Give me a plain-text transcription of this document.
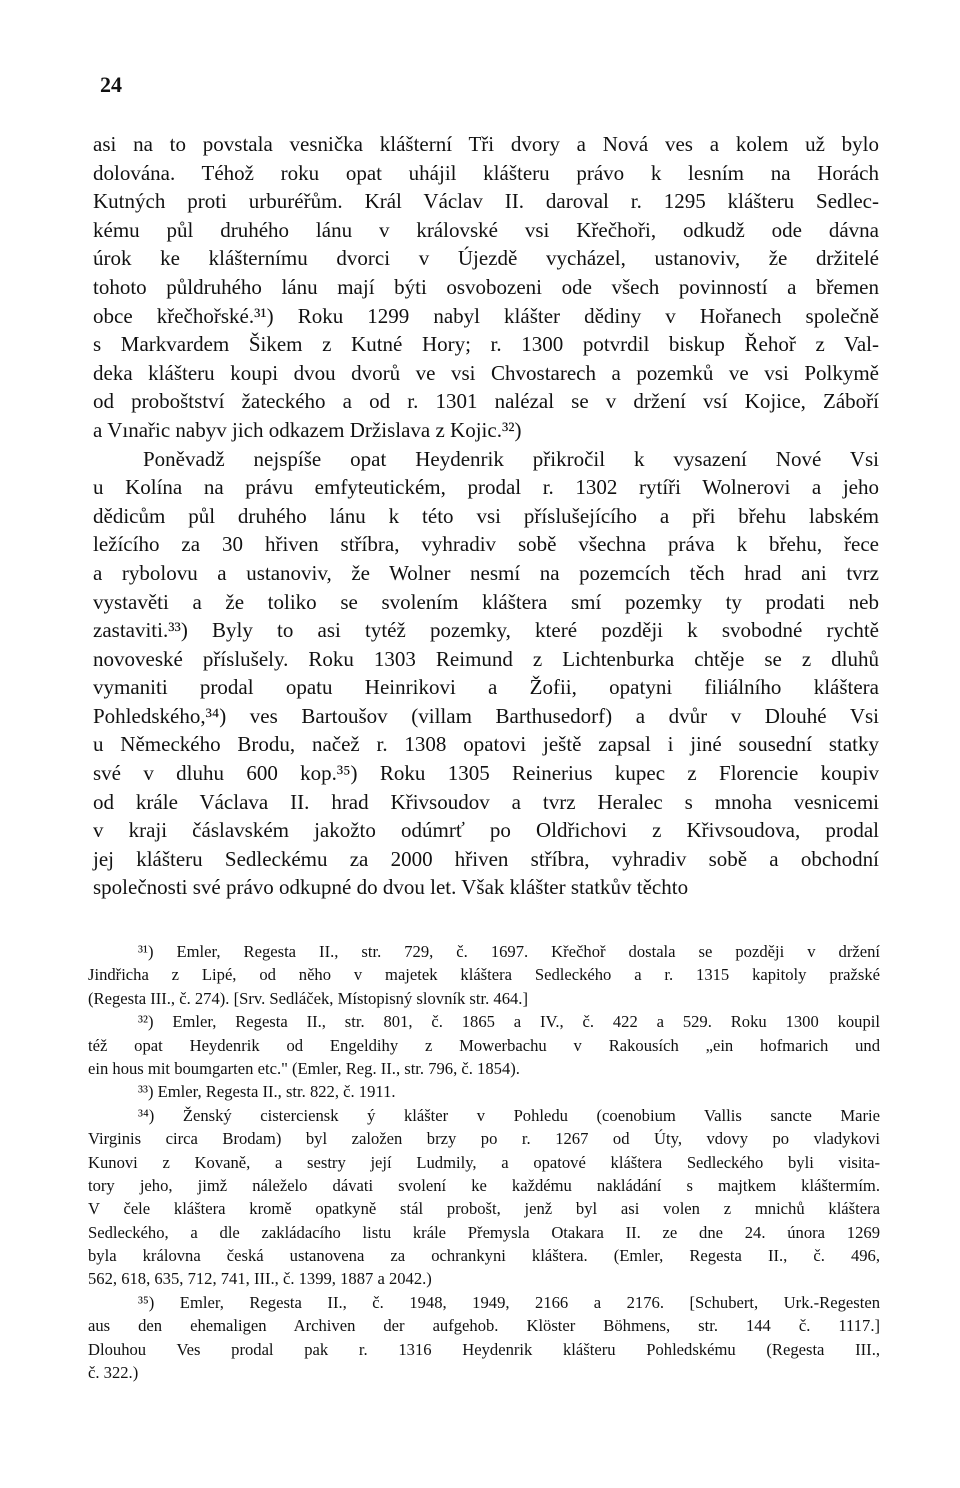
24
asi na to povstala vesnička klášterní Tři dvory a Nová ves a kolem už bylo
dolována. Téhož roku opat uhájil klášteru právo k lesním na Horách
Kutných proti urburéřům. Král Václav II. daroval r. 1295 klášteru Sedlec-
kému půl druhého lánu v královské vsi Křečhoři, odkudž ode dávna
úrok ke klášternímu dvorci v Újezdě vycházel, ustanoviv, že držitelé
tohoto půldruhého lánu mají býti osvobozeni ode všech povinností a břemen
obce křečhořské.³¹) Roku 1299 nabyl klášter dědiny v Hořanech společně
s Markvardem Šikem z Kutné Hory; r. 1300 potvrdil biskup Řehoř z Val-
deka klášteru koupi dvou dvorů ve vsi Chvostarech a pozemků ve vsi Polkymě
od proboštství žateckého a od r. 1301 nalézal se v držení vsí Kojice, Záboří
a Vınařic nabyv jich odkazem Držislava z Kojic.³²)
Poněvadž nejspíše opat Heydenrik přikročil k vysazení Nové Vsi
u Kolína na právu emfyteutickém, prodal r. 1302 rytíři Wolnerovi a jeho
dědicům půl druhého lánu k této vsi příslušejícího a při břehu labském
ležícího za 30 hřiven stříbra, vyhradiv sobě všechna práva k břehu, řece
a rybolovu a ustanoviv, že Wolner nesmí na pozemcích těch hrad ani tvrz
vystavěti a že toliko se svolením kláštera smí pozemky ty prodati neb
zastaviti.³³) Byly to asi tytéž pozemky, které později k svobodné rychtě
novoveské příslušely. Roku 1303 Reimund z Lichtenburka chtěje se z dluhů
vymaniti prodal opatu Heinrikovi a Žofii, opatyni filiálního kláštera
Pohledského,³⁴) ves Bartoušov (villam Barthusedorf) a dvůr v Dlouhé Vsi
u Německého Brodu, načež r. 1308 opatovi ještě zapsal i jiné sousední statky
své v dluhu 600 kop.³⁵) Roku 1305 Reinerius kupec z Florencie koupiv
od krále Václava II. hrad Křivsoudov a tvrz Heralec s mnoha vesnicemi
v kraji čáslavském jakožto odúmrť po Oldřichovi z Křivsoudova, prodal
jej klášteru Sedleckému za 2000 hřiven stříbra, vyhradiv sobě a obchodní
společnosti své právo odkupné do dvou let. Však klášter statkův těchto
³¹) Emler, Regesta II., str. 729, č. 1697. Křečhoř dostala se později v držení
Jindřicha z Lipé, od něho v majetek kláštera Sedleckého a r. 1315 kapitoly pražské
(Regesta III., č. 274). [Srv. Sedláček, Místopisný slovník str. 464.]
³²) Emler, Regesta II., str. 801, č. 1865 a IV., č. 422 a 529. Roku 1300 koupil
též opat Heydenrik od Engeldihy z Mowerbachu v Rakousích „ein hofmarich und
ein hous mit boumgarten etc." (Emler, Reg. II., str. 796, č. 1854).
³³) Emler, Regesta II., str. 822, č. 1911.
³⁴) Ženský cisterciensk ý klášter v Pohledu (coenobium Vallis sancte Marie
Virginis circa Brodam) byl založen brzy po r. 1267 od Úty, vdovy po vladykovi
Kunovi z Kovaně, a sestry její Ludmily, a opatové kláštera Sedleckého byli visita-
tory jeho, jimž náleželo dávati svolení ke každému nakládání s majtkem kláštermím.
V čele kláštera kromě opatkyně stál probošt, jenž byl asi volen z mnichů kláštera
Sedleckého, a dle zakládacího listu krále Přemysla Otakara II. ze dne 24. února 1269
byla královna česká ustanovena za ochrankyni kláštera. (Emler, Regesta II., č. 496,
562, 618, 635, 712, 741, III., č. 1399, 1887 a 2042.)
³⁵) Emler, Regesta II., č. 1948, 1949, 2166 a 2176. [Schubert, Urk.-Regesten
aus den ehemaligen Archiven der aufgehob. Klöster Böhmens, str. 144 č. 1117.]
Dlouhou Ves prodal pak r. 1316 Heydenrik klášteru Pohledskému (Regesta III.,
č. 322.)
